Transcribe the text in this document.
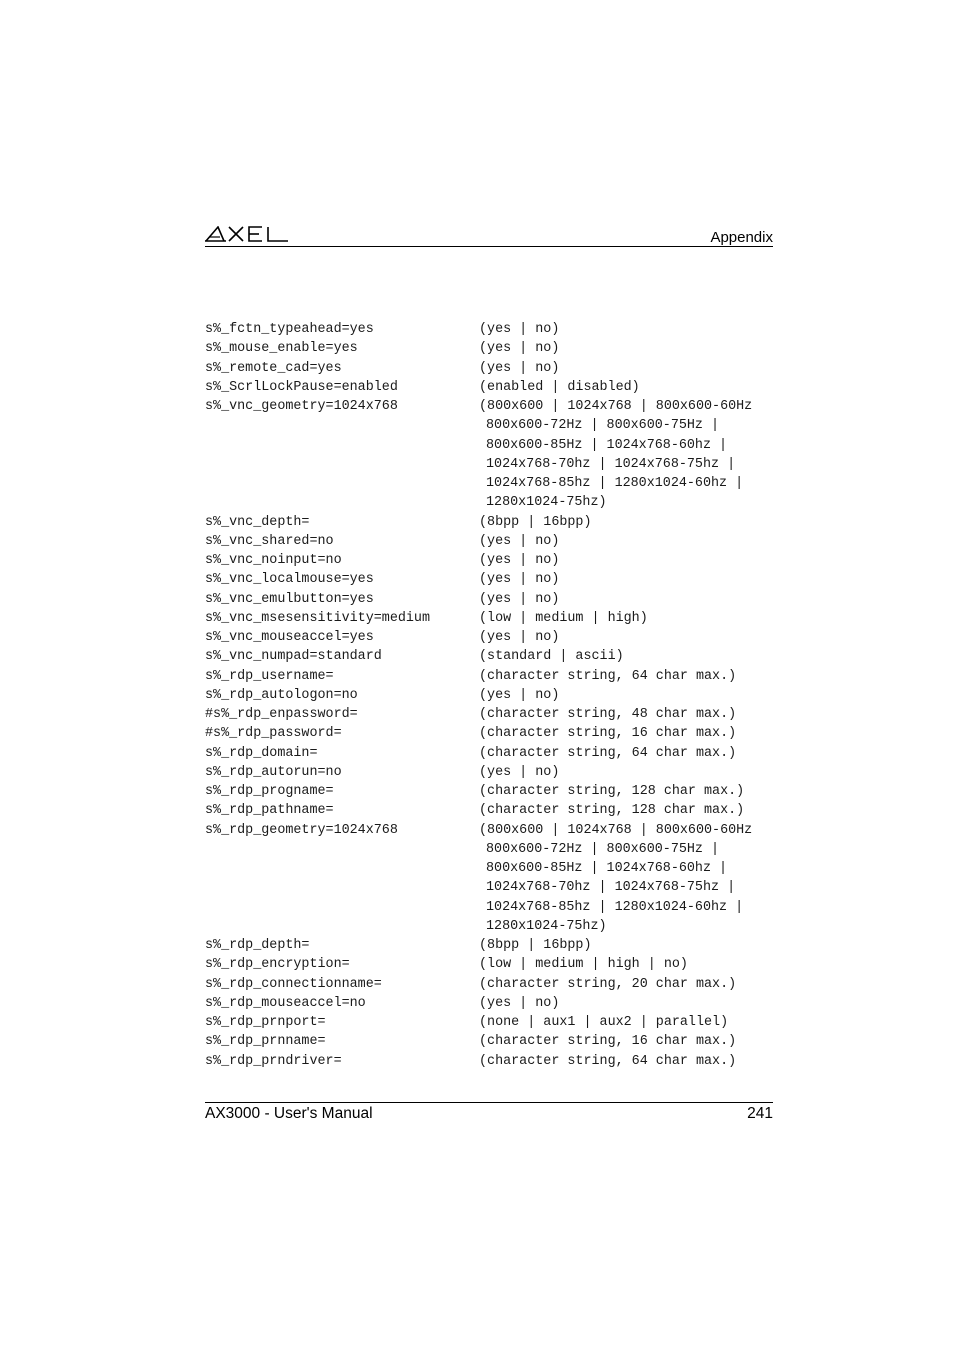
Appendix
s%_fctn_typeahead=yes	(yes | no)
s%_mouse_enable=yes	(yes | no)
s%_remote_cad=yes	(yes | no)
s%_ScrlLockPause=enabled	(enabled | disabled)
s%_vnc_geometry=1024x768	(800x600 | 1024x768 | 800x600-60Hz
800x600-72Hz | 800x600-75Hz |
800x600-85Hz | 1024x768-60hz |
1024x768-70hz | 1024x768-75hz |
1024x768-85hz | 1280x1024-60hz |
1280x1024-75hz)
s%_vnc_depth=	(8bpp | 16bpp)
s%_vnc_shared=no	(yes | no)
s%_vnc_noinput=no	(yes | no)
s%_vnc_localmouse=yes	(yes | no)
s%_vnc_emulbutton=yes	(yes | no)
s%_vnc_msesensitivity=medium	(low | medium | high)
s%_vnc_mouseaccel=yes	(yes | no)
s%_vnc_numpad=standard	(standard | ascii)
s%_rdp_username=	(character string, 64 char max.)
s%_rdp_autologon=no	(yes | no)
#s%_rdp_enpassword=	(character string, 48 char max.)
#s%_rdp_password=	(character string, 16 char max.)
s%_rdp_domain=	(character string, 64 char max.)
s%_rdp_autorun=no	(yes | no)
s%_rdp_progname=	(character string, 128 char max.)
s%_rdp_pathname=	(character string, 128 char max.)
s%_rdp_geometry=1024x768	(800x600 | 1024x768 | 800x600-60Hz
800x600-72Hz | 800x600-75Hz |
800x600-85Hz | 1024x768-60hz |
1024x768-70hz | 1024x768-75hz |
1024x768-85hz | 1280x1024-60hz |
1280x1024-75hz)
s%_rdp_depth=	(8bpp | 16bpp)
s%_rdp_encryption=	(low | medium | high | no)
s%_rdp_connectionname=	(character string, 20 char max.)
s%_rdp_mouseaccel=no	(yes | no)
s%_rdp_prnport=	(none | aux1 | aux2 | parallel)
s%_rdp_prnname=	(character string, 16 char max.)
s%_rdp_prndriver=	(character string, 64 char max.)
AX3000 - User's Manual	241
